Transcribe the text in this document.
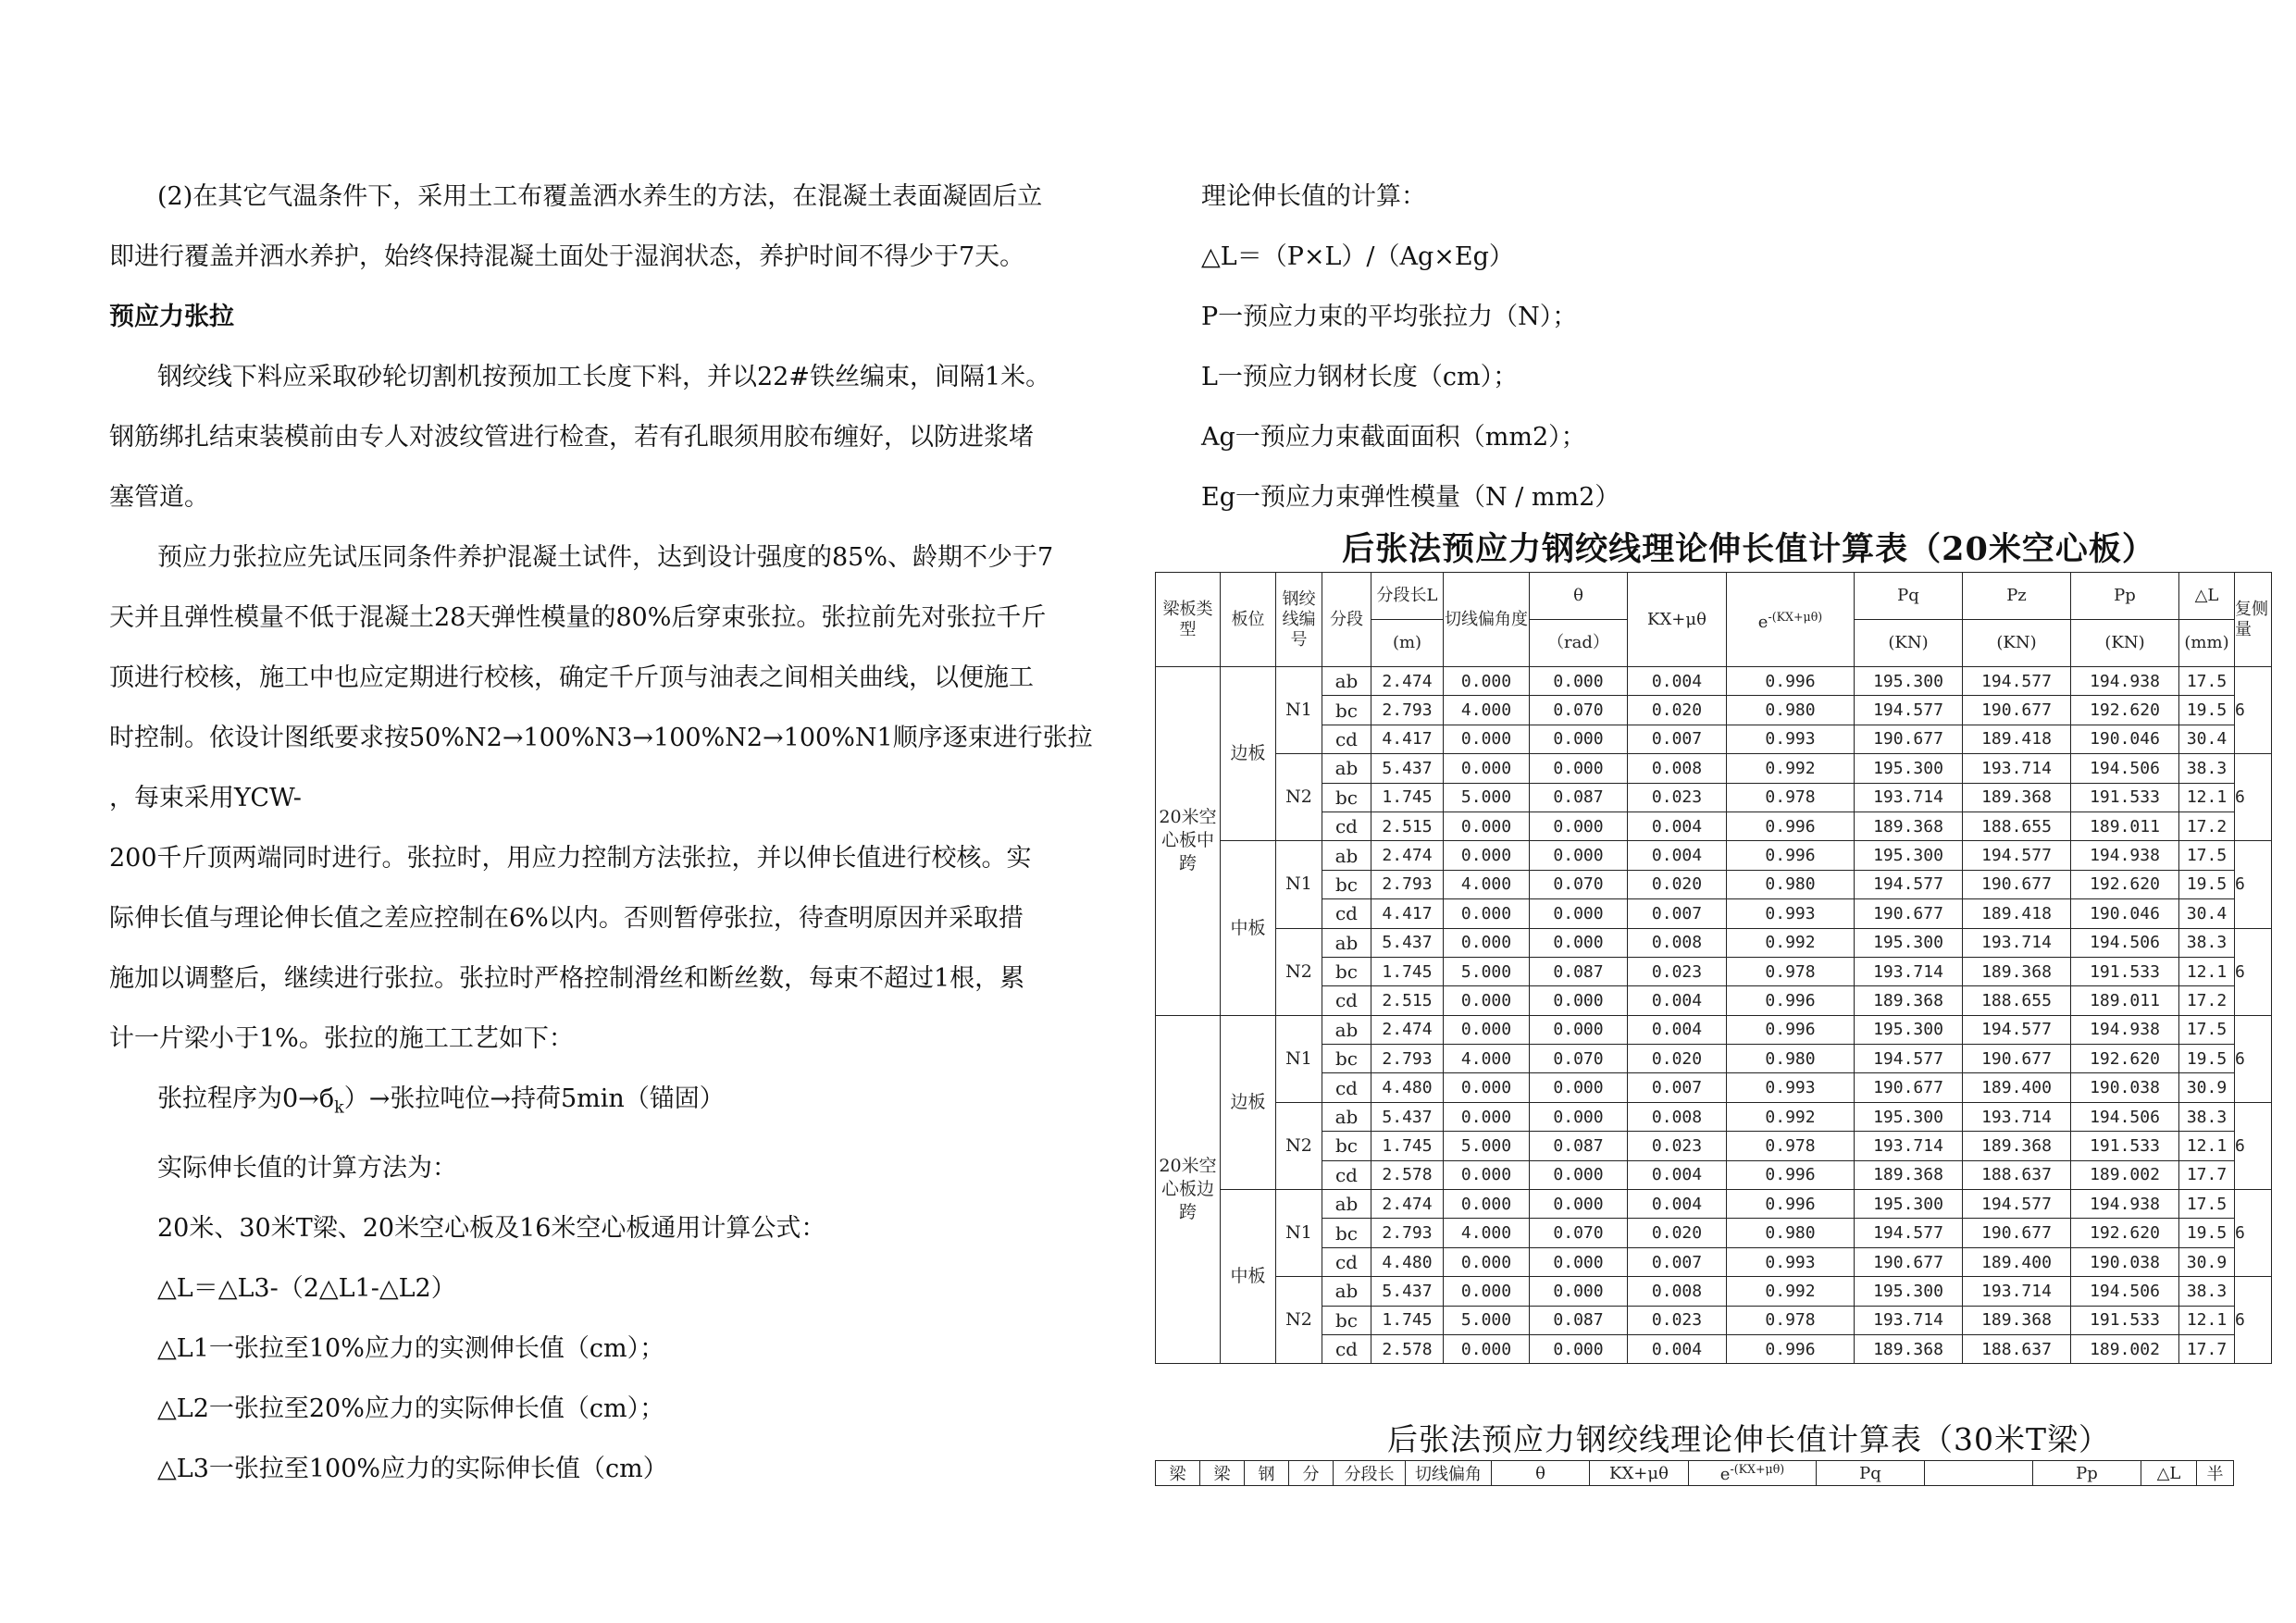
(2)在其它气温条件下，采用土工布覆盖洒水养生的方法，在混凝土表面凝固后立

即进行覆盖并洒水养护，始终保持混凝土面处于湿润状态，养护时间不得少于7天。

预应力张拉

钢绞线下料应采取砂轮切割机按预加工长度下料，并以22#铁丝编束，间隔1米。

钢筋绑扎结束装模前由专人对波纹管进行检查，若有孔眼须用胶布缠好，以防进浆堵

塞管道。

预应力张拉应先试压同条件养护混凝土试件，达到设计强度的85%、龄期不少于7

天并且弹性模量不低于混凝土28天弹性模量的80%后穿束张拉。张拉前先对张拉千斤

顶进行校核，施工中也应定期进行校核，确定千斤顶与油表之间相关曲线，以便施工

时控制。依设计图纸要求按50%N2→100%N3→100%N2→100%N1顺序逐束进行张拉

，每束采用YCW-

200千斤顶两端同时进行。张拉时，用应力控制方法张拉，并以伸长值进行校核。实

际伸长值与理论伸长值之差应控制在6%以内。否则暂停张拉，待查明原因并采取措

施加以调整后，继续进行张拉。张拉时严格控制滑丝和断丝数，每束不超过1根，累

计一片梁小于1%。张拉的施工工艺如下：

张拉程序为$0\to б_k)\to$张拉吨位→持荷5min（锚固）

实际伸长值的计算方法为：

20米、30米T梁、20米空心板及16米空心板通用计算公式：

△L＝△L3-（2△L1-△L2）

△L1一张拉至10%应力的实测伸长值（cm）；

△L2一张拉至20%应力的实际伸长值（cm）；

△L3一张拉至100%应力的实际伸长值（cm）

理论伸长值的计算：

△L＝（P×L）/（Ag×Eg）

P一预应力束的平均张拉力（N）；

L一预应力钢材长度（cm）；

Ag一预应力束截面面积（mm2）；

Eg一预应力束弹性模量（N / mm2）

后张法预应力钢绞线理论伸长值计算表（20米空心板）
梁板类型	板位	钢绞线编号	分段	分段长L	切线偏角度	θ	KX+μθ	$e^{-(KX+\mu\theta)}$	Pq	Pz	Pp	△L	复侧量
				(m)		（rad）			(KN)	(KN)	(KN)	(mm)	
20米空心板中跨	边板	N1	ab	2.474	0.000	0.000	0.004	0.996	195.300	194.577	194.938	17.5	6
			bc	2.793	4.000	0.070	0.020	0.980	194.577	190.677	192.620	19.5	
			cd	4.417	0.000	0.000	0.007	0.993	190.677	189.418	190.046	30.4	
		N2	ab	5.437	0.000	0.000	0.008	0.992	195.300	193.714	194.506	38.3	6
			bc	1.745	5.000	0.087	0.023	0.978	193.714	189.368	191.533	12.1	
			cd	2.515	0.000	0.000	0.004	0.996	189.368	188.655	189.011	17.2	
	中板	N1	ab	2.474	0.000	0.000	0.004	0.996	195.300	194.577	194.938	17.5	6
			bc	2.793	4.000	0.070	0.020	0.980	194.577	190.677	192.620	19.5	
			cd	4.417	0.000	0.000	0.007	0.993	190.677	189.418	190.046	30.4	
		N2	ab	5.437	0.000	0.000	0.008	0.992	195.300	193.714	194.506	38.3	6
			bc	1.745	5.000	0.087	0.023	0.978	193.714	189.368	191.533	12.1	
			cd	2.515	0.000	0.000	0.004	0.996	189.368	188.655	189.011	17.2	
20米空心板边跨	边板	N1	ab	2.474	0.000	0.000	0.004	0.996	195.300	194.577	194.938	17.5	6
			bc	2.793	4.000	0.070	0.020	0.980	194.577	190.677	192.620	19.5	
			cd	4.480	0.000	0.000	0.007	0.993	190.677	189.400	190.038	30.9	
		N2	ab	5.437	0.000	0.000	0.008	0.992	195.300	193.714	194.506	38.3	6
			bc	1.745	5.000	0.087	0.023	0.978	193.714	189.368	191.533	12.1	
			cd	2.578	0.000	0.000	0.004	0.996	189.368	188.637	189.002	17.7	
	中板	N1	ab	2.474	0.000	0.000	0.004	0.996	195.300	194.577	194.938	17.5	6
			bc	2.793	4.000	0.070	0.020	0.980	194.577	190.677	192.620	19.5	
			cd	4.480	0.000	0.000	0.007	0.993	190.677	189.400	190.038	30.9	
		N2	ab	5.437	0.000	0.000	0.008	0.992	195.300	193.714	194.506	38.3	6
			bc	1.745	5.000	0.087	0.023	0.978	193.714	189.368	191.533	12.1	
			cd	2.578	0.000	0.000	0.004	0.996	189.368	188.637	189.002	17.7	
后张法预应力钢绞线理论伸长值计算表（30米T梁）
梁	梁	钢	分	分段长	切线偏角	θ	KX+μθ	$e^{-(KX+\mu\theta)}$	Pq		Pp	△L	半
